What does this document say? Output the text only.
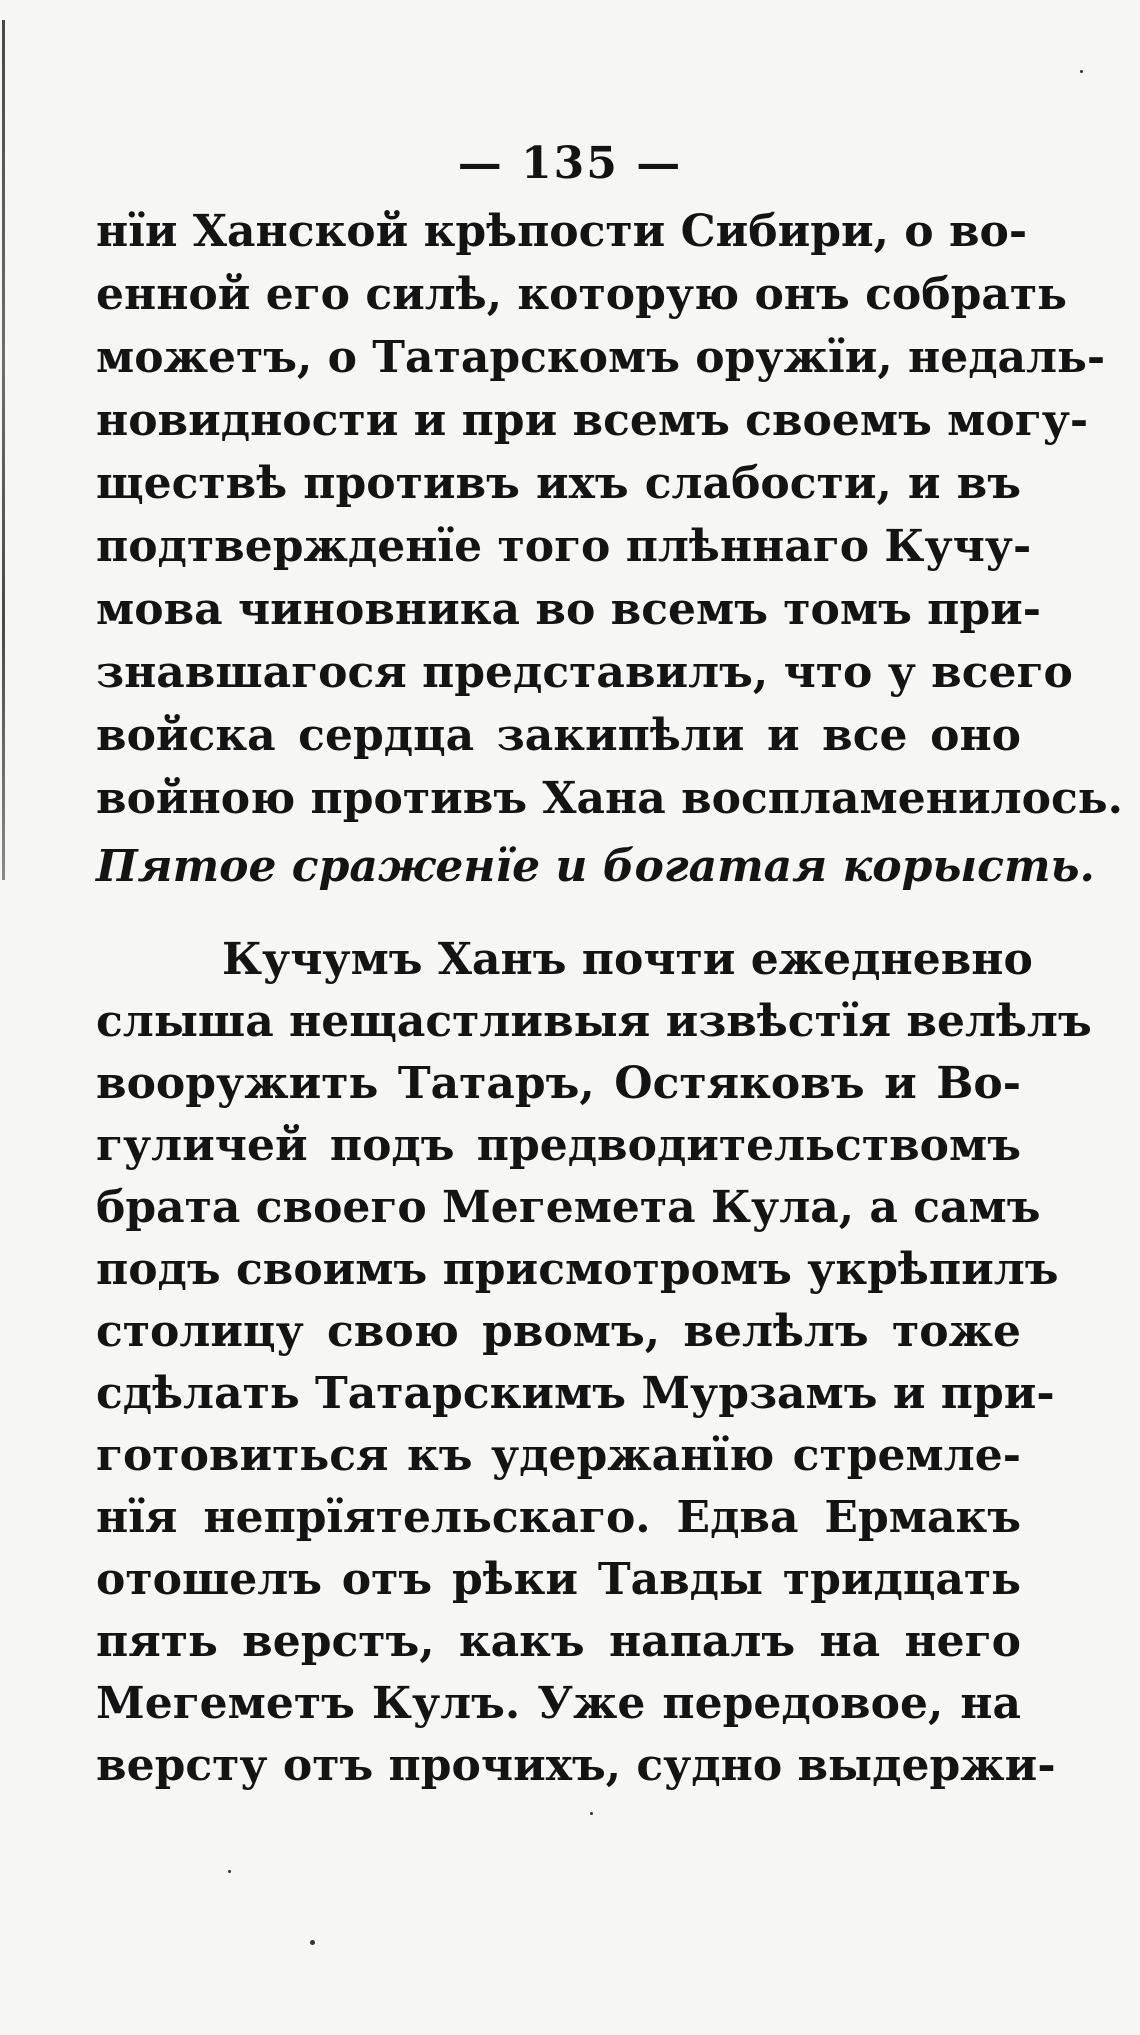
— 135 —
нїи Ханской крѣпости Сибири, о во-
енной его силѣ, которую онъ собрать
можетъ, о Татарскомъ оружїи, недаль-
новидности и при всемъ своемъ могу-
ществѣ противъ ихъ слабости, и въ
подтвержденїе того плѣннаго Кучу-
мова чиновника во всемъ томъ при-
знавшагося представилъ, что у всего
войска сердца закипѣли и все оно
войною противъ Хана воспламенилось.
Пятое сраженїе и богатая корысть.
Кучумъ Ханъ почти ежедневно
слыша нещастливыя извѣстїя велѣлъ
вооружить Татаръ, Остяковъ и Во-
гуличей подъ предводительствомъ
брата своего Мегемета Кула, а самъ
подъ своимъ присмотромъ укрѣпилъ
столицу свою рвомъ, велѣлъ тоже
сдѣлать Татарскимъ Мурзамъ и при-
готовиться къ удержанїю стремле-
нїя непрїятельскаго. Едва Ермакъ
отошелъ отъ рѣки Тавды тридцать
пять верстъ, какъ напалъ на него
Мегеметъ Кулъ. Уже передовое, на
версту отъ прочихъ, судно выдержи-
